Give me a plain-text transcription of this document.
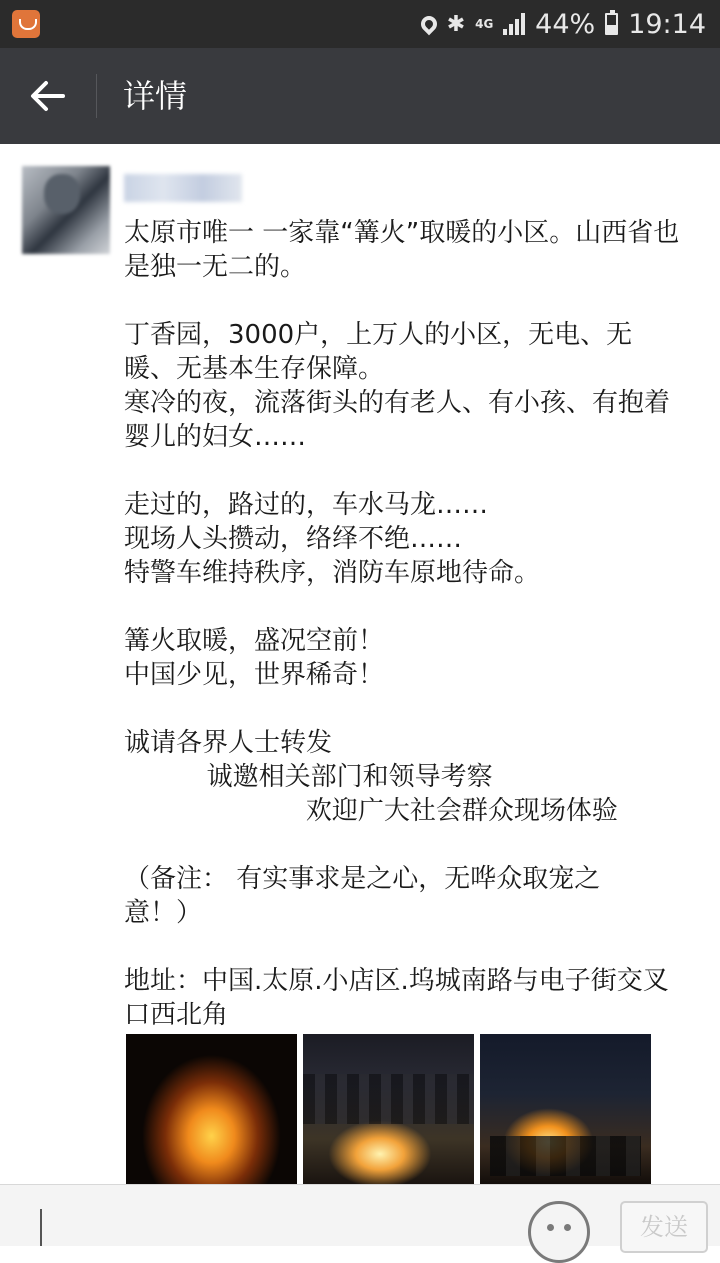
✱ 4G 44% 19:14
详情

太原市唯一 一家靠“篝火”取暖的小区。山西省也

是独一无二的。

丁香园，3000户，上万人的小区，无电、无

暖、无基本生存保障。

寒冷的夜，流落街头的有老人、有小孩、有抱着

婴儿的妇女……

走过的，路过的，车水马龙……

现场人头攒动，络绎不绝……

特警车维持秩序，消防车原地待命。

篝火取暖，盛况空前！

中国少见，世界稀奇！

诚请各界人士转发

诚邀相关部门和领导考察

欢迎广大社会群众现场体验

（备注： 有实事求是之心，无哗众取宠之

意！）

地址：中国.太原.小店区.坞城南路与电子街交叉

口西北角

发送
